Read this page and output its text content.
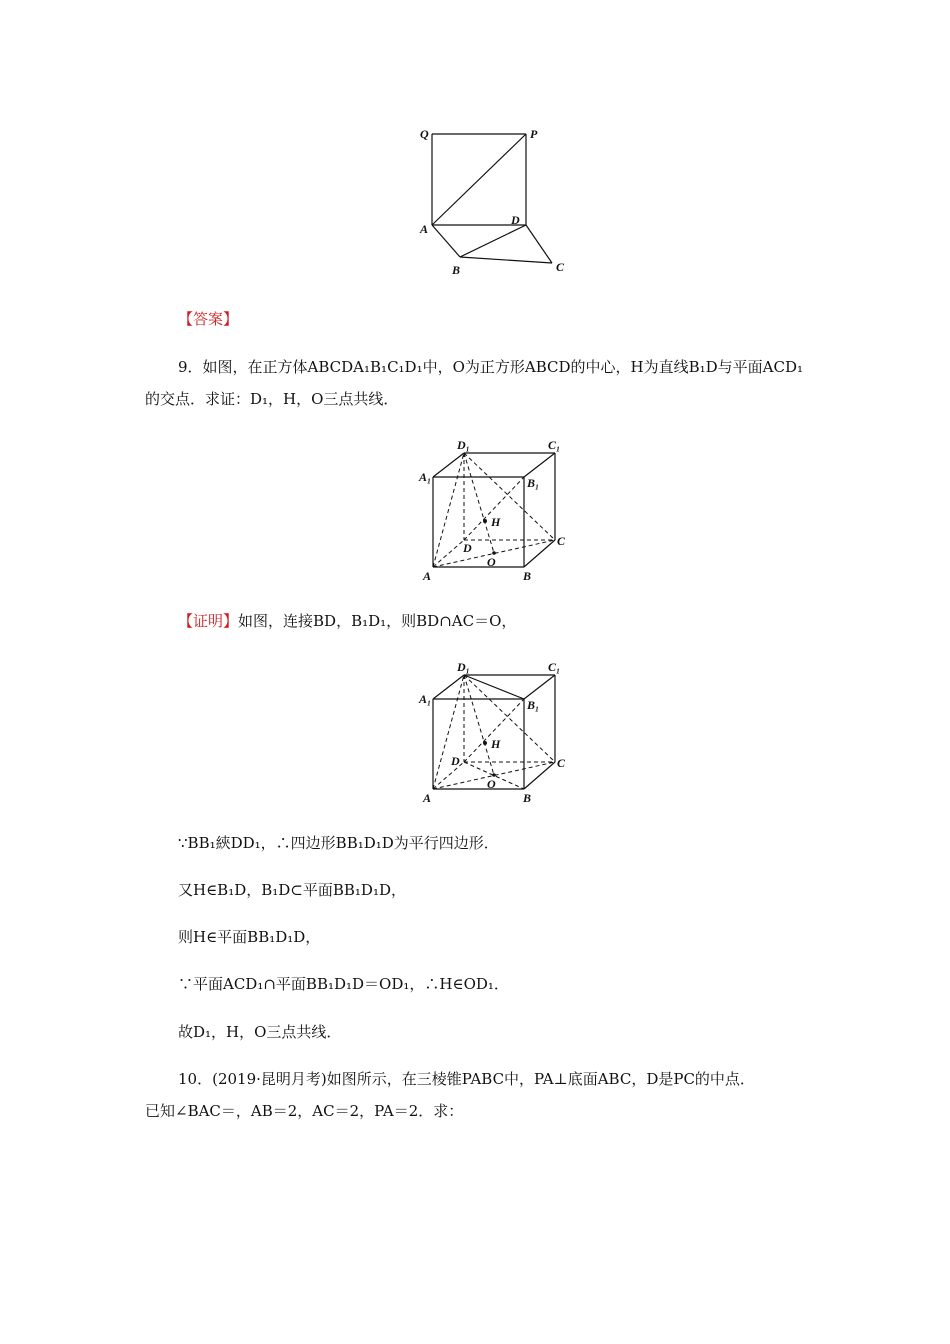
Q	P
A
D
B	C
【答案】
9．如图，在正方体ABCDA₁B₁C₁D₁中，O为正方形ABCD的中心，H为直线B₁D与平面ACD₁
的交点．求证：D₁，H，O三点共线．
D₁	C₁
A₁	B₁
H
D	C
O
A	B
【证明】如图，连接BD，B₁D₁，则BD∩AC＝O，
D₁	C₁
A₁	B₁
H
D	C
O
A	B
∵BB₁綊DD₁，∴四边形BB₁D₁D为平行四边形．
又H∈B₁D，B₁D⊂平面BB₁D₁D，
则H∈平面BB₁D₁D，
∵平面ACD₁∩平面BB₁D₁D＝OD₁，∴H∈OD₁．
故D₁，H，O三点共线．
10．(2019·昆明月考)如图所示，在三棱锥PABC中，PA⊥底面ABC，D是PC的中点．
已知∠BAC＝，AB＝2，AC＝2，PA＝2．求：
